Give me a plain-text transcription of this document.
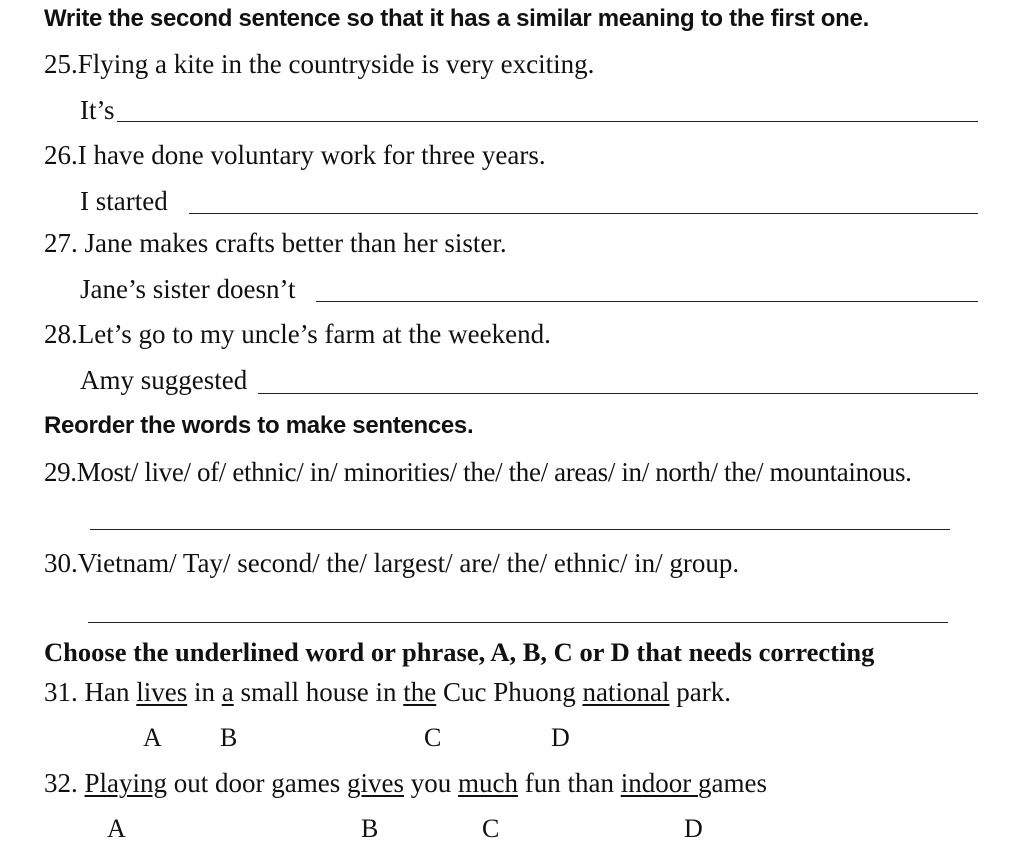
Write the second sentence so that it has a similar meaning to the first one.
25.Flying a kite in the countryside is very exciting.
It’s
26.I have done voluntary work for three years.
I started
27. Jane makes crafts better than her sister.
Jane’s sister doesn’t
28.Let’s go to my uncle’s farm at the weekend.
Amy suggested
Reorder the words to make sentences.
29.Most/ live/ of/ ethnic/ in/ minorities/ the/ the/ areas/ in/ north/ the/ mountainous.
30.Vietnam/ Tay/ second/ the/ largest/ are/ the/ ethnic/ in/ group.
Choose the underlined word or phrase, A, B, C or D that needs correcting
31. Han lives in a small house in the Cuc Phuong national park.
A B	C	D
32. Playing out door games gives you much fun than indoor games
A	B	C	D
